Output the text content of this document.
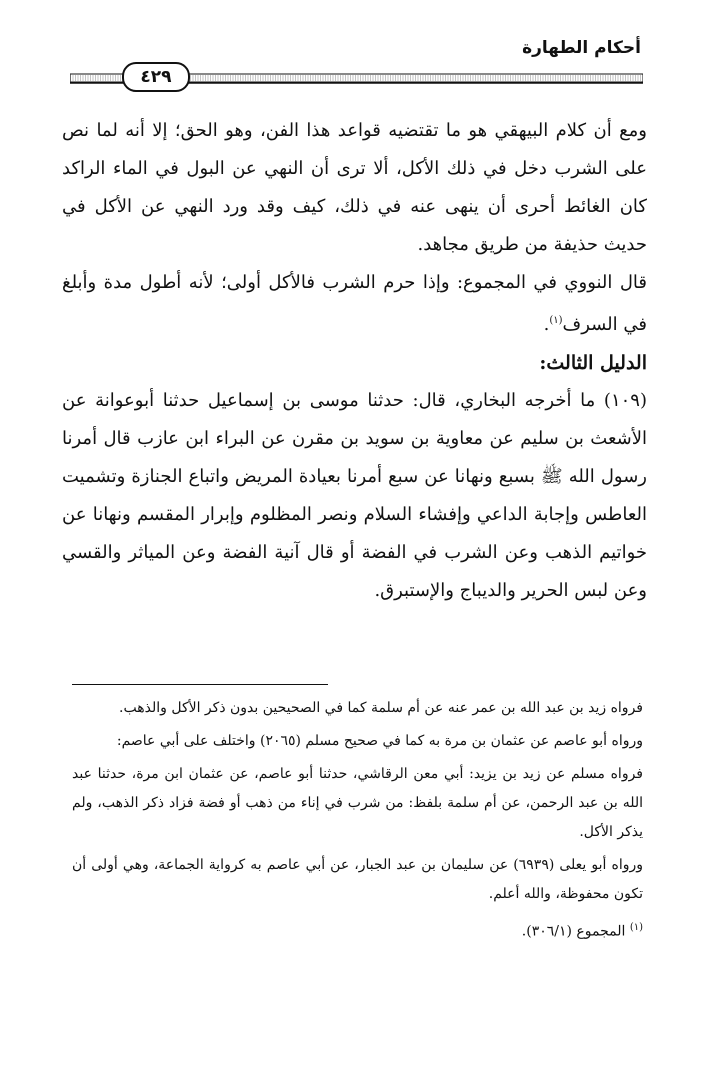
أحكام الطهارة
٤٢٩

ومع أن كلام البيهقي هو ما تقتضيه قواعد هذا الفن، وهو الحق؛ إلا أنه لما نص على الشرب دخل في ذلك الأكل، ألا ترى أن النهي عن البول في الماء الراكد كان الغائط أحرى أن ينهى عنه في ذلك، كيف وقد ورد النهي عن الأكل في حديث حذيفة من طريق مجاهد.

قال النووي في المجموع: وإذا حرم الشرب فالأكل أولى؛ لأنه أطول مدة وأبلغ في السرف$^{(١)}$.

الدليل الثالث:

(١٠٩) ما أخرجه البخاري، قال: حدثنا موسى بن إسماعيل حدثنا أبوعوانة عن الأشعث بن سليم عن معاوية بن سويد بن مقرن عن البراء ابن عازب قال أمرنا رسول الله ﷺ بسبع ونهانا عن سبع أمرنا بعيادة المريض واتباع الجنازة وتشميت العاطس وإجابة الداعي وإفشاء السلام ونصر المظلوم وإبرار المقسم ونهانا عن خواتيم الذهب وعن الشرب في الفضة أو قال آنية الفضة وعن المياثر والقسي وعن لبس الحرير والديباج والإستبرق.

فرواه زيد بن عبد الله بن عمر عنه عن أم سلمة كما في الصحيحين بدون ذكر الأكل والذهب.

ورواه أبو عاصم عن عثمان بن مرة به كما في صحيح مسلم (٢٠٦٥) واختلف على أبي عاصم:

فرواه مسلم عن زيد بن يزيد: أبي معن الرقاشي، حدثنا أبو عاصم، عن عثمان ابن مرة، حدثنا عبد الله بن عبد الرحمن، عن أم سلمة بلفظ: من شرب في إناء من ذهب أو فضة فزاد ذكر الذهب، ولم يذكر الأكل.

ورواه أبو يعلى (٦٩٣٩) عن سليمان بن عبد الجبار، عن أبي عاصم به كرواية الجماعة، وهي أولى أن تكون محفوظة، والله أعلم.

$^{(١)}$ المجموع (٣٠٦/١).
